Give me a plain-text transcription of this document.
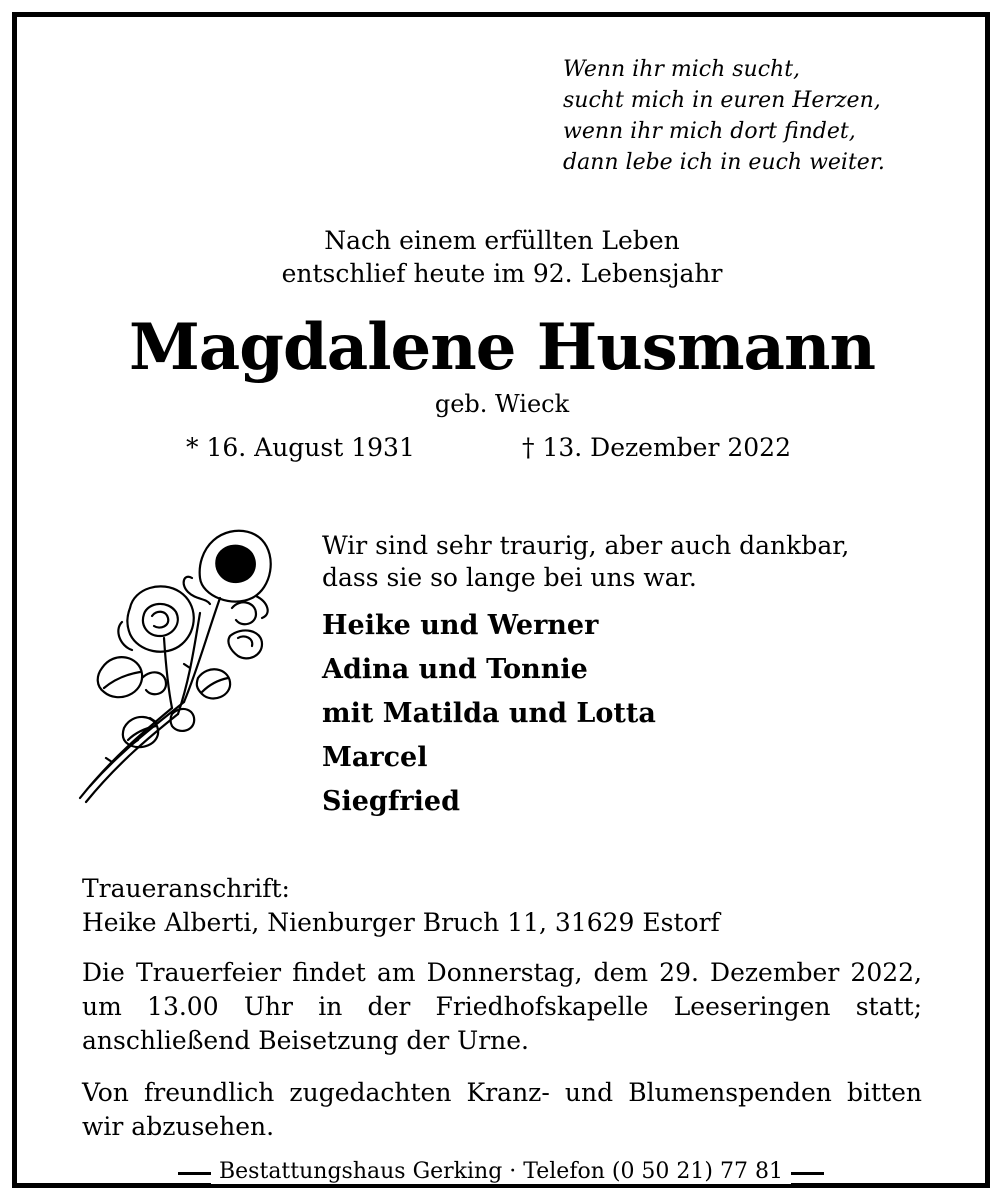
Wenn ihr mich sucht,
sucht mich in euren Herzen,
wenn ihr mich dort findet,
dann lebe ich in euch weiter.
Nach einem erfüllten Leben
entschlief heute im 92. Lebensjahr
Magdalene Husmann
geb. Wieck
* 16. August 1931	† 13. Dezember 2022
Wir sind sehr traurig, aber auch dankbar,
dass sie so lange bei uns war.
Heike und Werner
Adina und Tonnie
mit Matilda und Lotta
Marcel
Siegfried
Traueranschrift:
Heike Alberti, Nienburger Bruch 11, 31629 Estorf
Die Trauerfeier findet am Donnerstag, dem 29. Dezember 2022, um 13.00 Uhr in der Friedhofskapelle Leeseringen statt; anschließend Beisetzung der Urne.
Von freundlich zugedachten Kranz- und Blumenspenden bitten wir abzusehen.
Bestattungshaus Gerking · Telefon (0 50 21) 77 81
